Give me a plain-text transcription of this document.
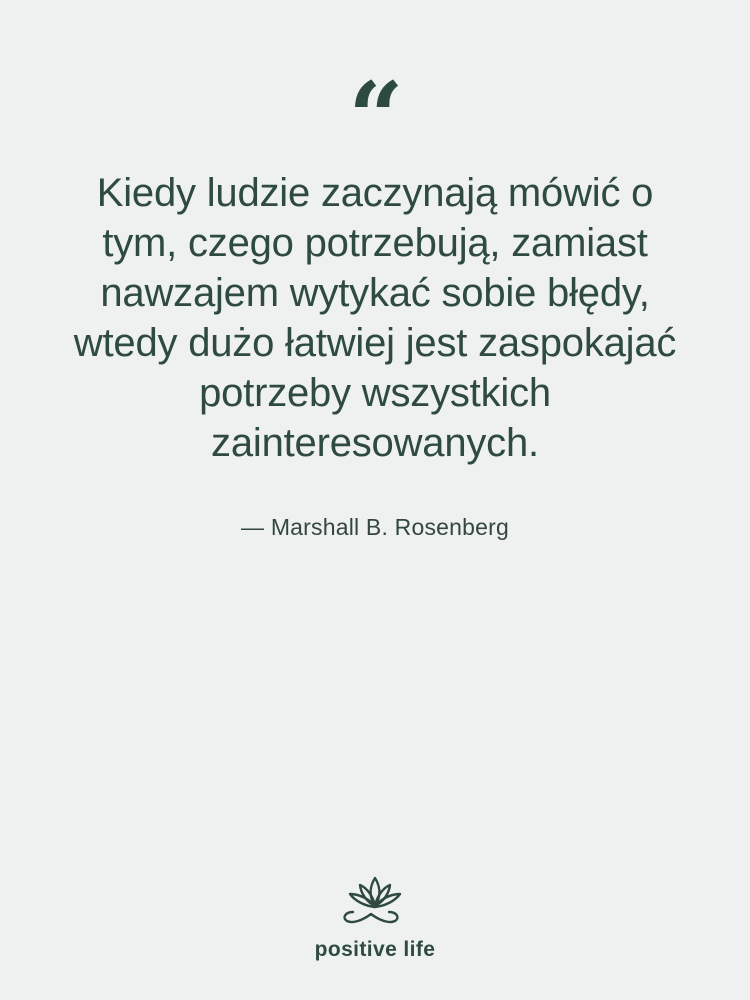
“
Kiedy ludzie zaczynają mówić o tym, czego potrzebują, zamiast nawzajem wytykać sobie błędy, wtedy dużo łatwiej jest zaspokajać potrzeby wszystkich zainteresowanych.
— Marshall B. Rosenberg
positive life
